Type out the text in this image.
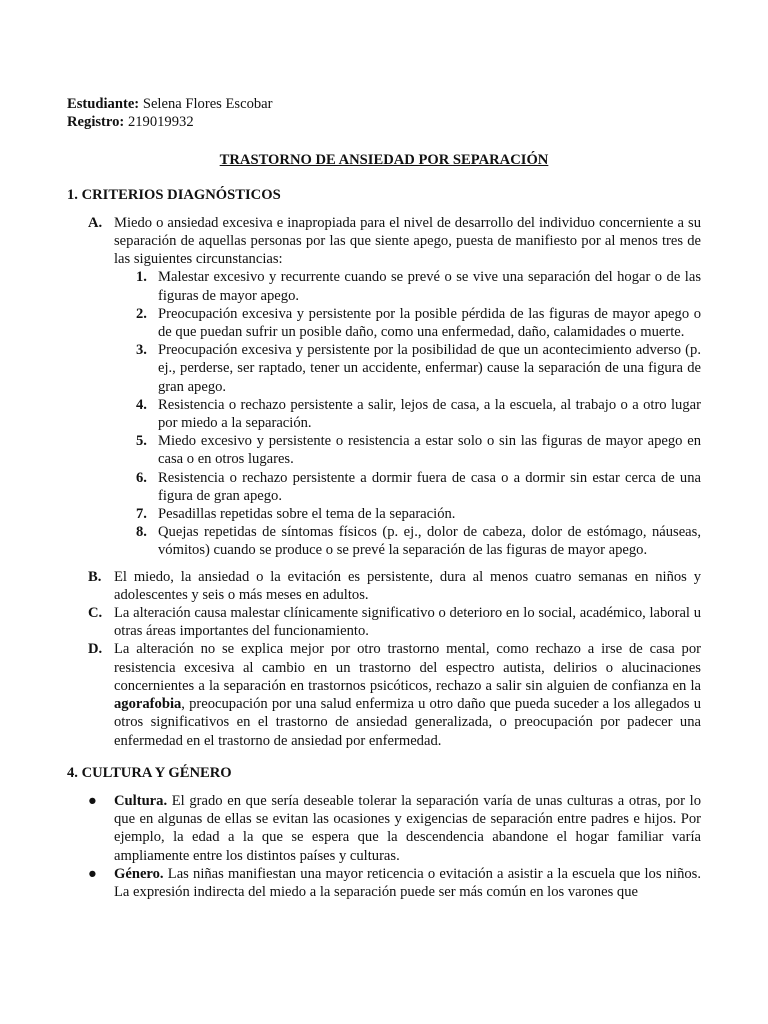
Estudiante: Selena Flores Escobar

Registro: 219019932

TRASTORNO DE ANSIEDAD POR SEPARACIÓN

1. CRITERIOS DIAGNÓSTICOS

A. Miedo o ansiedad excesiva e inapropiada para el nivel de desarrollo del individuo concerniente a su separación de aquellas personas por las que siente apego, puesta de manifiesto por al menos tres de las siguientes circunstancias:
1. Malestar excesivo y recurrente cuando se prevé o se vive una separación del hogar o de las figuras de mayor apego.
2. Preocupación excesiva y persistente por la posible pérdida de las figuras de mayor apego o de que puedan sufrir un posible daño, como una enfermedad, daño, calamidades o muerte.
3. Preocupación excesiva y persistente por la posibilidad de que un acontecimiento adverso (p. ej., perderse, ser raptado, tener un accidente, enfermar) cause la separación de una figura de gran apego.
4. Resistencia o rechazo persistente a salir, lejos de casa, a la escuela, al trabajo o a otro lugar por miedo a la separación.
5. Miedo excesivo y persistente o resistencia a estar solo o sin las figuras de mayor apego en casa o en otros lugares.
6. Resistencia o rechazo persistente a dormir fuera de casa o a dormir sin estar cerca de una figura de gran apego.
7. Pesadillas repetidas sobre el tema de la separación.
8. Quejas repetidas de síntomas físicos (p. ej., dolor de cabeza, dolor de estómago, náuseas, vómitos) cuando se produce o se prevé la separación de las figuras de mayor apego.
B. El miedo, la ansiedad o la evitación es persistente, dura al menos cuatro semanas en niños y adolescentes y seis o más meses en adultos.
C. La alteración causa malestar clínicamente significativo o deterioro en lo social, académico, laboral u otras áreas importantes del funcionamiento.
D. La alteración no se explica mejor por otro trastorno mental, como rechazo a irse de casa por resistencia excesiva al cambio en un trastorno del espectro autista, delirios o alucinaciones concernientes a la separación en trastornos psicóticos, rechazo a salir sin alguien de confianza en la agorafobia, preocupación por una salud enfermiza u otro daño que pueda suceder a los allegados u otros significativos en el trastorno de ansiedad generalizada, o preocupación por padecer una enfermedad en el trastorno de ansiedad por enfermedad.

4. CULTURA Y GÉNERO

● Cultura. El grado en que sería deseable tolerar la separación varía de unas culturas a otras, por lo que en algunas de ellas se evitan las ocasiones y exigencias de separación entre padres e hijos. Por ejemplo, la edad a la que se espera que la descendencia abandone el hogar familiar varía ampliamente entre los distintos países y culturas.
● Género. Las niñas manifiestan una mayor reticencia o evitación a asistir a la escuela que los niños. La expresión indirecta del miedo a la separación puede ser más común en los varones que
